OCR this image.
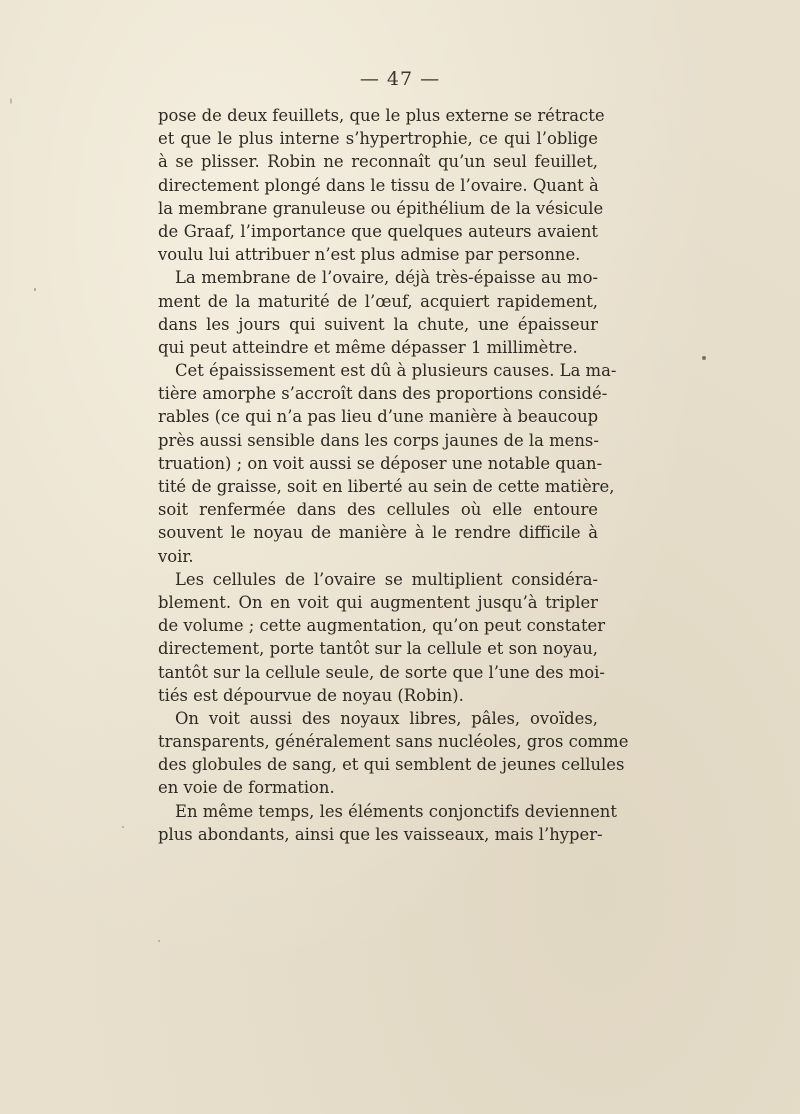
— 47 —
pose de deux feuillets, que le plus externe se rétracte
et que le plus interne s’hypertrophie, ce qui l’oblige
à se plisser. Robin ne reconnaît qu’un seul feuillet,
directement plongé dans le tissu de l’ovaire. Quant à
la membrane granuleuse ou épithélium de la vésicule
de Graaf, l’importance que quelques auteurs avaient
voulu lui attribuer n’est plus admise par personne.
La membrane de l’ovaire, déjà très-épaisse au mo-
ment de la maturité de l’œuf, acquiert rapidement,
dans les jours qui suivent la chute, une épaisseur
qui peut atteindre et même dépasser 1 millimètre.
Cet épaississement est dû à plusieurs causes. La ma-
tière amorphe s’accroît dans des proportions considé-
rables (ce qui n’a pas lieu d’une manière à beaucoup
près aussi sensible dans les corps jaunes de la mens-
truation) ; on voit aussi se déposer une notable quan-
tité de graisse, soit en liberté au sein de cette matière,
soit renfermée dans des cellules où elle entoure
souvent le noyau de manière à le rendre difficile à
voir.
Les cellules de l’ovaire se multiplient considéra-
blement. On en voit qui augmentent jusqu’à tripler
de volume ; cette augmentation, qu’on peut constater
directement, porte tantôt sur la cellule et son noyau,
tantôt sur la cellule seule, de sorte que l’une des moi-
tiés est dépourvue de noyau (Robin).
On voit aussi des noyaux libres, pâles, ovoïdes,
transparents, généralement sans nucléoles, gros comme
des globules de sang, et qui semblent de jeunes cellules
en voie de formation.
En même temps, les éléments conjonctifs deviennent
plus abondants, ainsi que les vaisseaux, mais l’hyper-
